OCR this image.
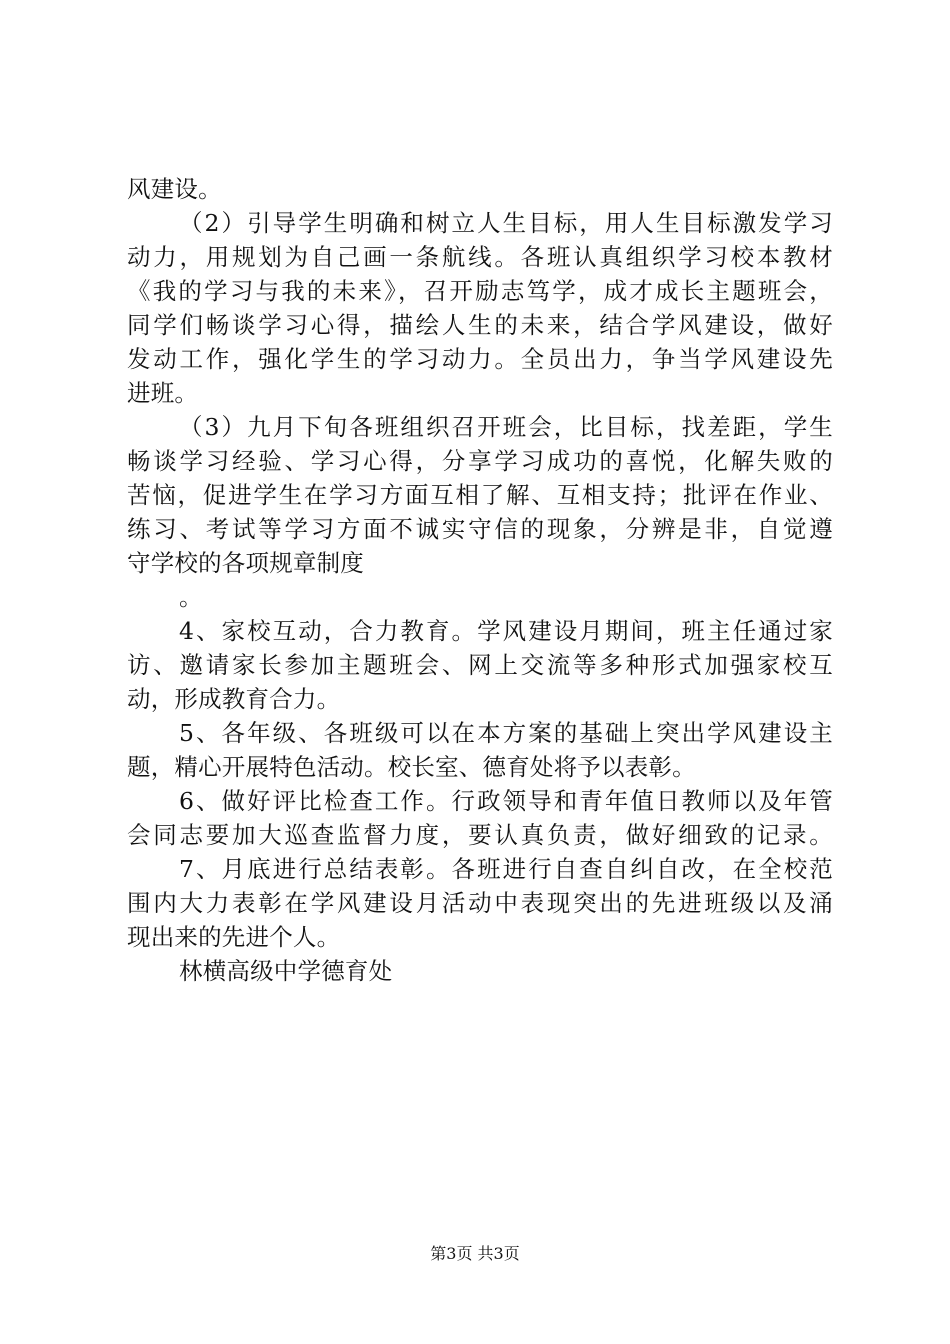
风建设。
（2）引导学生明确和树立人生目标，用人生目标激发学习
动力，用规划为自己画一条航线。各班认真组织学习校本教材
《我的学习与我的未来》，召开励志笃学，成才成长主题班会，
同学们畅谈学习心得，描绘人生的未来，结合学风建设，做好
发动工作，强化学生的学习动力。全员出力，争当学风建设先
进班。
（3）九月下旬各班组织召开班会，比目标，找差距，学生
畅谈学习经验、学习心得，分享学习成功的喜悦，化解失败的
苦恼，促进学生在学习方面互相了解、互相支持；批评在作业、
练习、考试等学习方面不诚实守信的现象，分辨是非，自觉遵
守学校的各项规章制度
。
4、家校互动，合力教育。学风建设月期间，班主任通过家
访、邀请家长参加主题班会、网上交流等多种形式加强家校互
动，形成教育合力。
5、各年级、各班级可以在本方案的基础上突出学风建设主
题，精心开展特色活动。校长室、德育处将予以表彰。
6、做好评比检查工作。行政领导和青年值日教师以及年管
会同志要加大巡查监督力度，要认真负责，做好细致的记录。
7、月底进行总结表彰。各班进行自查自纠自改，在全校范
围内大力表彰在学风建设月活动中表现突出的先进班级以及涌
现出来的先进个人。
林横高级中学德育处
第3页 共3页
